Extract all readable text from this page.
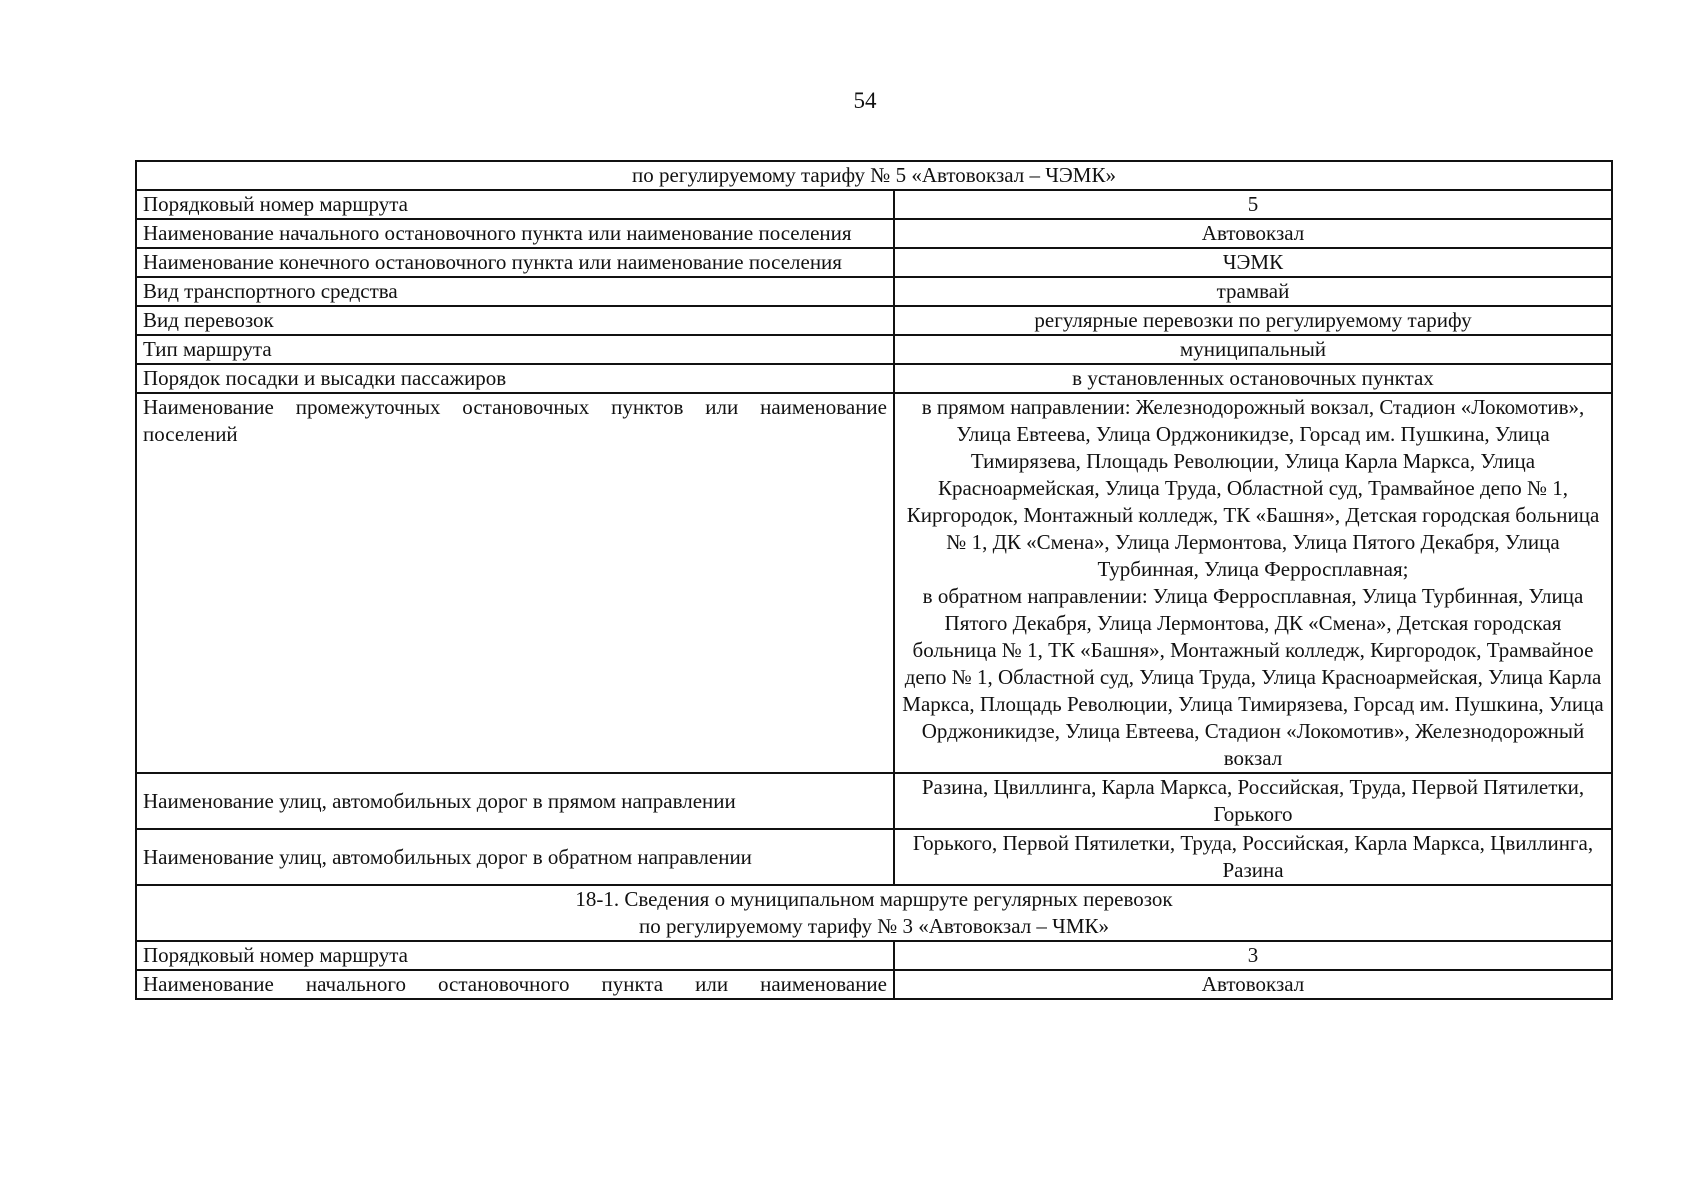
54
по регулируемому тарифу № 5 «Автовокзал – ЧЭМК»	
Порядковый номер маршрута	5
Наименование начального остановочного пункта или наименование поселения	Автовокзал
Наименование конечного остановочного пункта или наименование поселения	ЧЭМК
Вид транспортного средства	трамвай
Вид перевозок	регулярные перевозки по регулируемому тарифу
Тип маршрута	муниципальный
Порядок посадки и высадки пассажиров	в установленных остановочных пунктах
Наименование промежуточных остановочных пунктов или наименование поселений	в прямом направлении: Железнодорожный вокзал, Стадион «Локомотив», Улица Евтеева, Улица Орджоникидзе, Горсад им. Пушкина, Улица Тимирязева, Площадь Революции, Улица Карла Маркса, Улица Красноармейская, Улица Труда, Областной суд, Трамвайное депо № 1, Киргородок, Монтажный колледж, ТК «Башня», Детская городская больница № 1, ДК «Смена», Улица Лермонтова, Улица Пятого Декабря, Улица Турбинная, Улица Ферросплавная;
в обратном направлении: Улица Ферросплавная, Улица Турбинная, Улица Пятого Декабря, Улица Лермонтова, ДК «Смена», Детская городская больница № 1, ТК «Башня», Монтажный колледж, Киргородок, Трамвайное депо № 1, Областной суд, Улица Труда, Улица Красноармейская, Улица Карла Маркса, Площадь Революции, Улица Тимирязева, Горсад им. Пушкина, Улица Орджоникидзе, Улица Евтеева, Стадион «Локомотив», Железнодорожный вокзал

Наименование улиц, автомобильных дорог в прямом направлении	Разина, Цвиллинга, Карла Маркса, Российская, Труда, Первой Пятилетки, Горького
Наименование улиц, автомобильных дорог в обратном направлении	Горького, Первой Пятилетки, Труда, Российская, Карла Маркса, Цвиллинга, Разина

18-1. Сведения о муниципальном маршруте регулярных перевозок
по регулируемому тарифу № 3 «Автовокзал – ЧМК»	

Порядковый номер маршрута	3
Наименование начального остановочного пункта или наименование	Автовокзал
